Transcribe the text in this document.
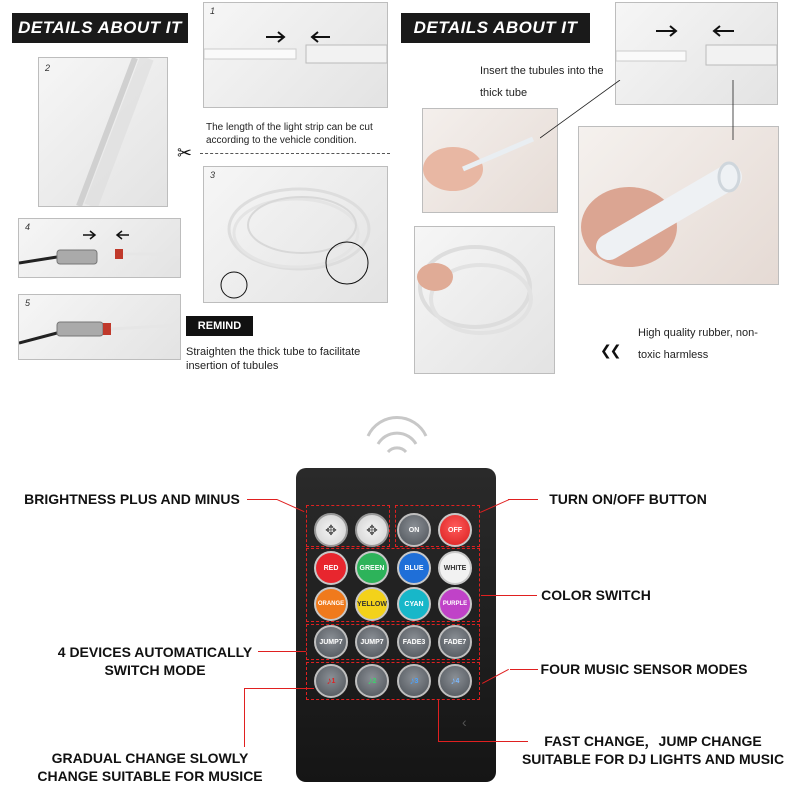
DETAILS ABOUT IT
1
2
The length of the light strip can be cut according to the vehicle condition.
✂
3
4
5
REMIND
Straighten the thick tube to facilitate insertion of tubules
DETAILS ABOUT IT
Insert the tubules into the thick tube
❮❮
High quality rubber, non-toxic harmless
✥ ✥	ON	OFF
RED	GREEN	BLUE	WHITE
ORANGE	YELLOW	CYAN	PURPLE
JUMP7	JUMP7	FADE3	FADE7
♪ 1	♪ 2	♪ 3	♪ 4
‹
BRIGHTNESS PLUS AND MINUS	TURN ON/OFF BUTTON
COLOR SWITCH
4 DEVICES AUTOMATICALLY SWITCH MODE	FOUR MUSIC SENSOR MODES
GRADUAL CHANGE SLOWLY CHANGE SUITABLE FOR MUSICE
FAST CHANGE，JUMP CHANGE SUITABLE FOR DJ LIGHTS AND MUSIC
